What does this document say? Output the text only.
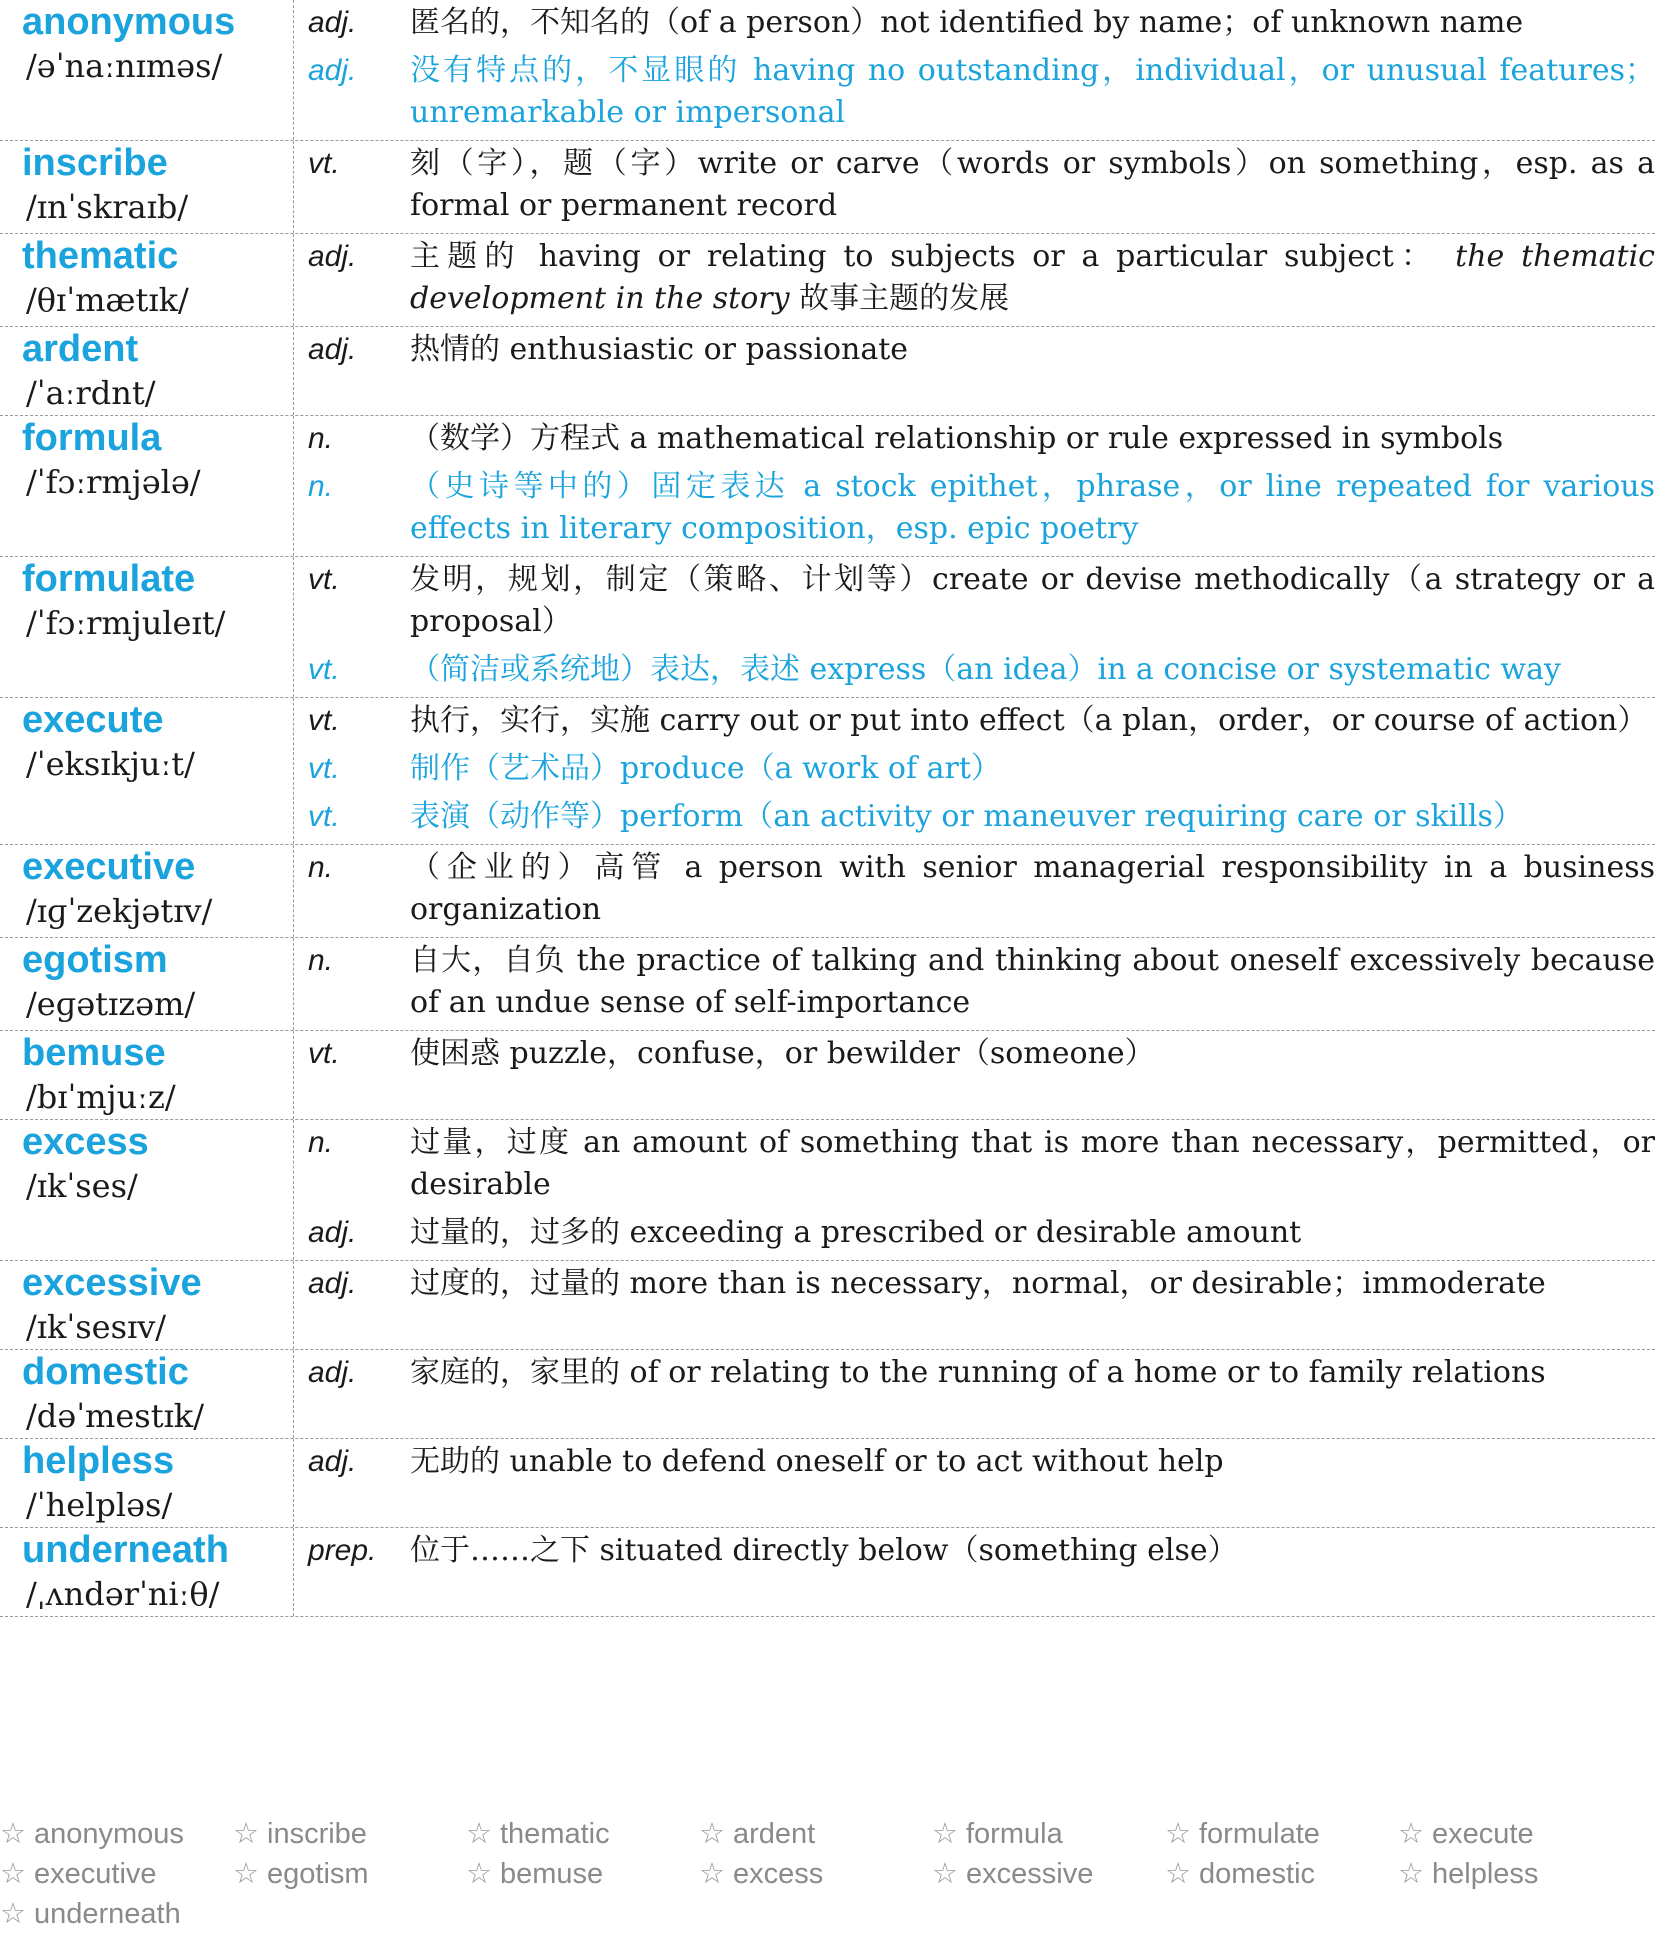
anonymous
/əˈnaːnɪməs/
adj.	匿名的，不知名的（of a person）not identified by name；of unknown name
adj.	没有特点的，不显眼的 having no outstanding，individual，or unusual features；unremarkable or impersonal
inscribe
/ɪnˈskraɪb/
vt.	刻（字），题（字）write or carve（words or symbols）on something，esp. as a formal or permanent record
thematic
/θɪˈmætɪk/
adj.	主题的 having or relating to subjects or a particular subject： the thematic development in the story 故事主题的发展
ardent
/ˈaːrdnt/
adj.	热情的 enthusiastic or passionate
formula
/ˈfɔːrmjələ/
n.	（数学）方程式 a mathematical relationship or rule expressed in symbols
n.	（史诗等中的）固定表达 a stock epithet，phrase，or line repeated for various effects in literary composition，esp. epic poetry
formulate
/ˈfɔːrmjuleɪt/
vt.	发明，规划，制定（策略、计划等）create or devise methodically（a strategy or a proposal）
vt.	（简洁或系统地）表达，表述 express（an idea）in a concise or systematic way
execute
/ˈeksɪkjuːt/
vt.	执行，实行，实施 carry out or put into effect（a plan，order，or course of action）
vt.	制作（艺术品）produce（a work of art）
vt.	表演（动作等）perform（an activity or maneuver requiring care or skills）
executive
/ɪɡˈzekjətɪv/
n.	（企业的）高管 a person with senior managerial responsibility in a business organization
egotism
/eɡətɪzəm/
n.	自大，自负 the practice of talking and thinking about oneself excessively because of an undue sense of self-importance
bemuse
/bɪˈmjuːz/
vt.	使困惑 puzzle，confuse，or bewilder（someone）
excess
/ɪkˈses/
n.	过量，过度 an amount of something that is more than necessary，permitted，or desirable
adj.	过量的，过多的 exceeding a prescribed or desirable amount
excessive
/ɪkˈsesɪv/
adj.	过度的，过量的 more than is necessary，normal，or desirable；immoderate
domestic
/dəˈmestɪk/
adj.	家庭的，家里的 of or relating to the running of a home or to family relations
helpless
/ˈhelpləs/
adj.	无助的 unable to defend oneself or to act without help
underneath
/ˌʌndərˈniːθ/
prep.	位于……之下 situated directly below（something else）
☆ anonymous	☆ inscribe	☆ thematic	☆ ardent	☆ formula	☆ formulate	☆ execute
☆ executive	☆ egotism	☆ bemuse	☆ excess	☆ excessive	☆ domestic	☆ helpless
☆ underneath
